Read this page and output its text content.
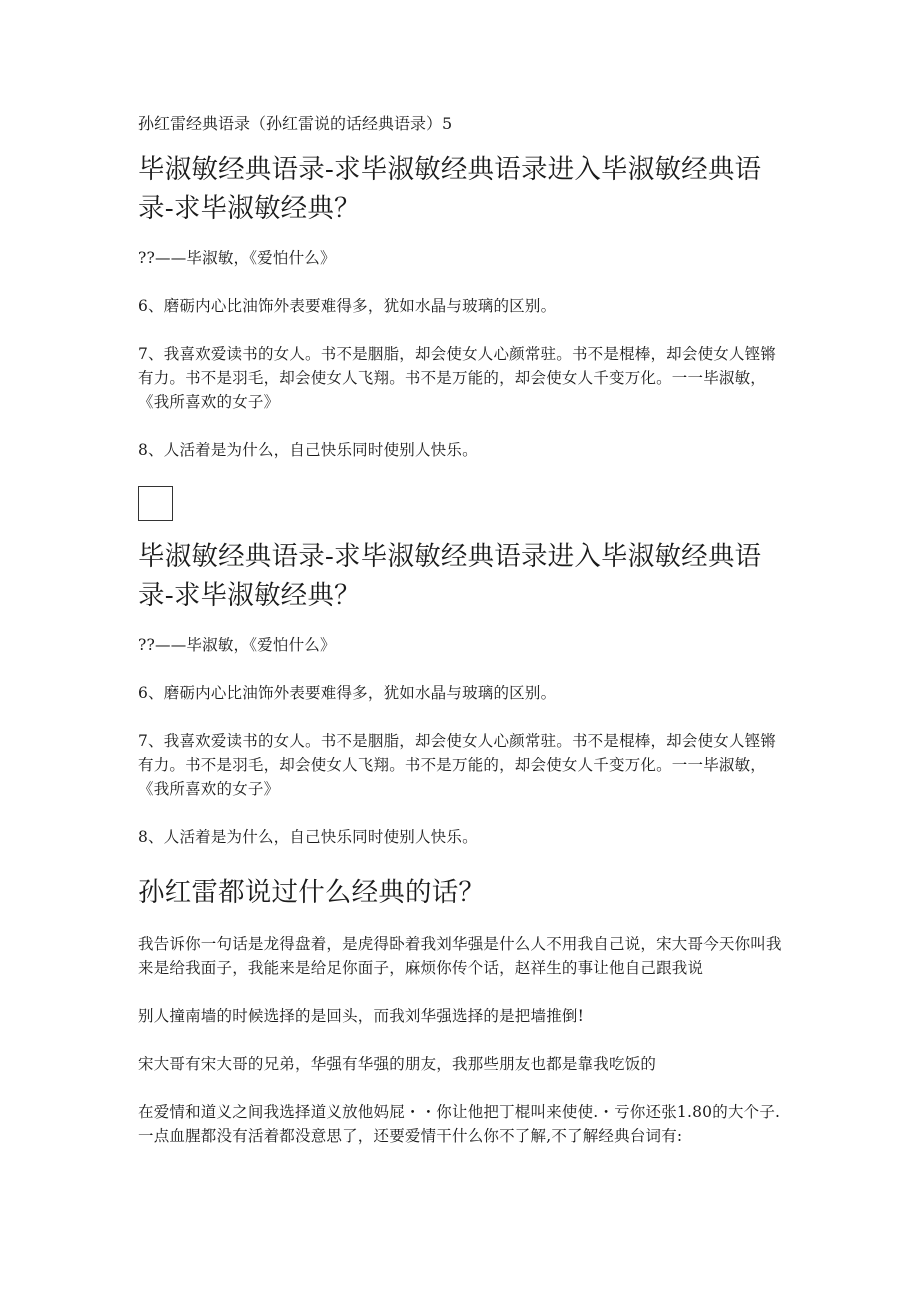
孙红雷经典语录（孙红雷说的话经典语录）5
毕淑敏经典语录-求毕淑敏经典语录进入毕淑敏经典语录-求毕淑敏经典？

??——毕淑敏，《爱怕什么》

6、磨砺内心比油饰外表要难得多，犹如水晶与玻璃的区别。

7、我喜欢爱读书的女人。书不是胭脂，却会使女人心颜常驻。书不是棍棒，却会使女人铿锵有力。书不是羽毛，却会使女人飞翔。书不是万能的，却会使女人千变万化。一一毕淑敏，《我所喜欢的女子》

8、人活着是为什么，自己快乐同时使别人快乐。

毕淑敏经典语录-求毕淑敏经典语录进入毕淑敏经典语录-求毕淑敏经典？

??——毕淑敏，《爱怕什么》

6、磨砺内心比油饰外表要难得多，犹如水晶与玻璃的区别。

7、我喜欢爱读书的女人。书不是胭脂，却会使女人心颜常驻。书不是棍棒，却会使女人铿锵有力。书不是羽毛，却会使女人飞翔。书不是万能的，却会使女人千变万化。一一毕淑敏，《我所喜欢的女子》

8、人活着是为什么，自己快乐同时使别人快乐。

孙红雷都说过什么经典的话？

我告诉你一句话是龙得盘着，是虎得卧着我刘华强是什么人不用我自己说，宋大哥今天你叫我来是给我面子，我能来是给足你面子，麻烦你传个话，赵祥生的事让他自己跟我说

别人撞南墙的时候选择的是回头，而我刘华强选择的是把墙推倒!

宋大哥有宋大哥的兄弟，华强有华强的朋友，我那些朋友也都是靠我吃饭的

在爱情和道义之间我选择道义放他妈屁・・你让他把丁棍叫来使使.・亏你还张1.80的大个子.一点血腥都没有活着都没意思了，还要爱情干什么你不了解,不了解经典台词有:
